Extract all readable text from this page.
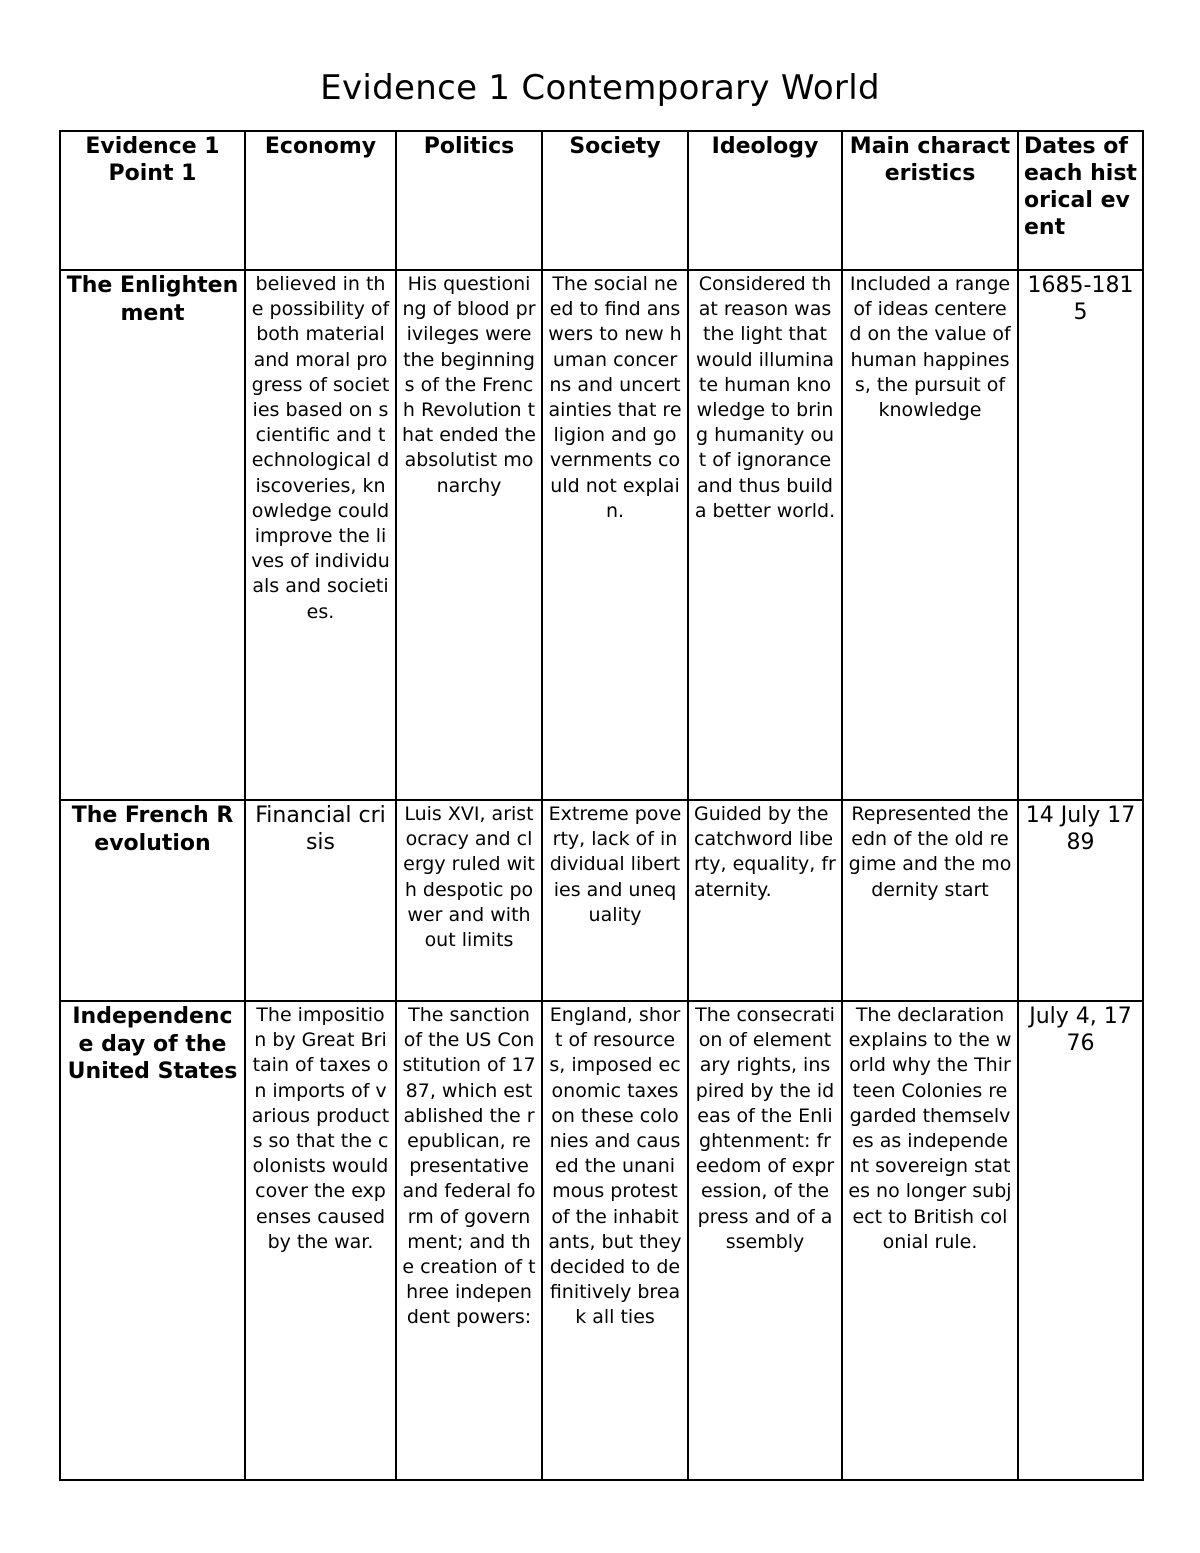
Evidence 1 Contemporary World
Evidence 1 Point 1	Economy	Politics	Society	Ideology	Main characteristics	Dates of each historical event

The Enlightenment	believed in the possibility of both material and moral progress of societies based on scientific and technological discoveries, knowledge could improve the lives of individuals and societies.	His questioning of blood privileges were the beginnings of the French Revolution that ended the absolutist monarchy	The social need to find answers to new human concerns and uncertainties that religion and governments could not explain.	Considered that reason was the light that would illuminate human knowledge to bring humanity out of ignorance and thus build a better world.	Included a range of ideas centered on the value of human happiness, the pursuit of knowledge	1685-1815

The French Revolution	Financial crisis	Luis XVI, aristocracy and clergy ruled with despotic power and without limits	Extreme poverty, lack of individual liberties and unequality	Guided by the catchword liberty, equality, fraternity.	Represented the edn of the old regime and the modernity start	14 July 1789

Independence day of the United States	The imposition by Great Britain of taxes on imports of various products so that the colonists would cover the expenses caused by the war.	The sanction of the US Constitution of 1787, which established the republican, representative and federal form of government; and the creation of three independent powers:	England, short of resources, imposed economic taxes on these colonies and caused the unanimous protest of the inhabitants, but they decided to definitively break all ties	The consecration of elementary rights, inspired by the ideas of the Enlightenment: freedom of expression, of the press and of assembly	The declaration explains to the world why the Thirteen Colonies regarded themselves as independent sovereign states no longer subject to British colonial rule.	July 4, 1776
